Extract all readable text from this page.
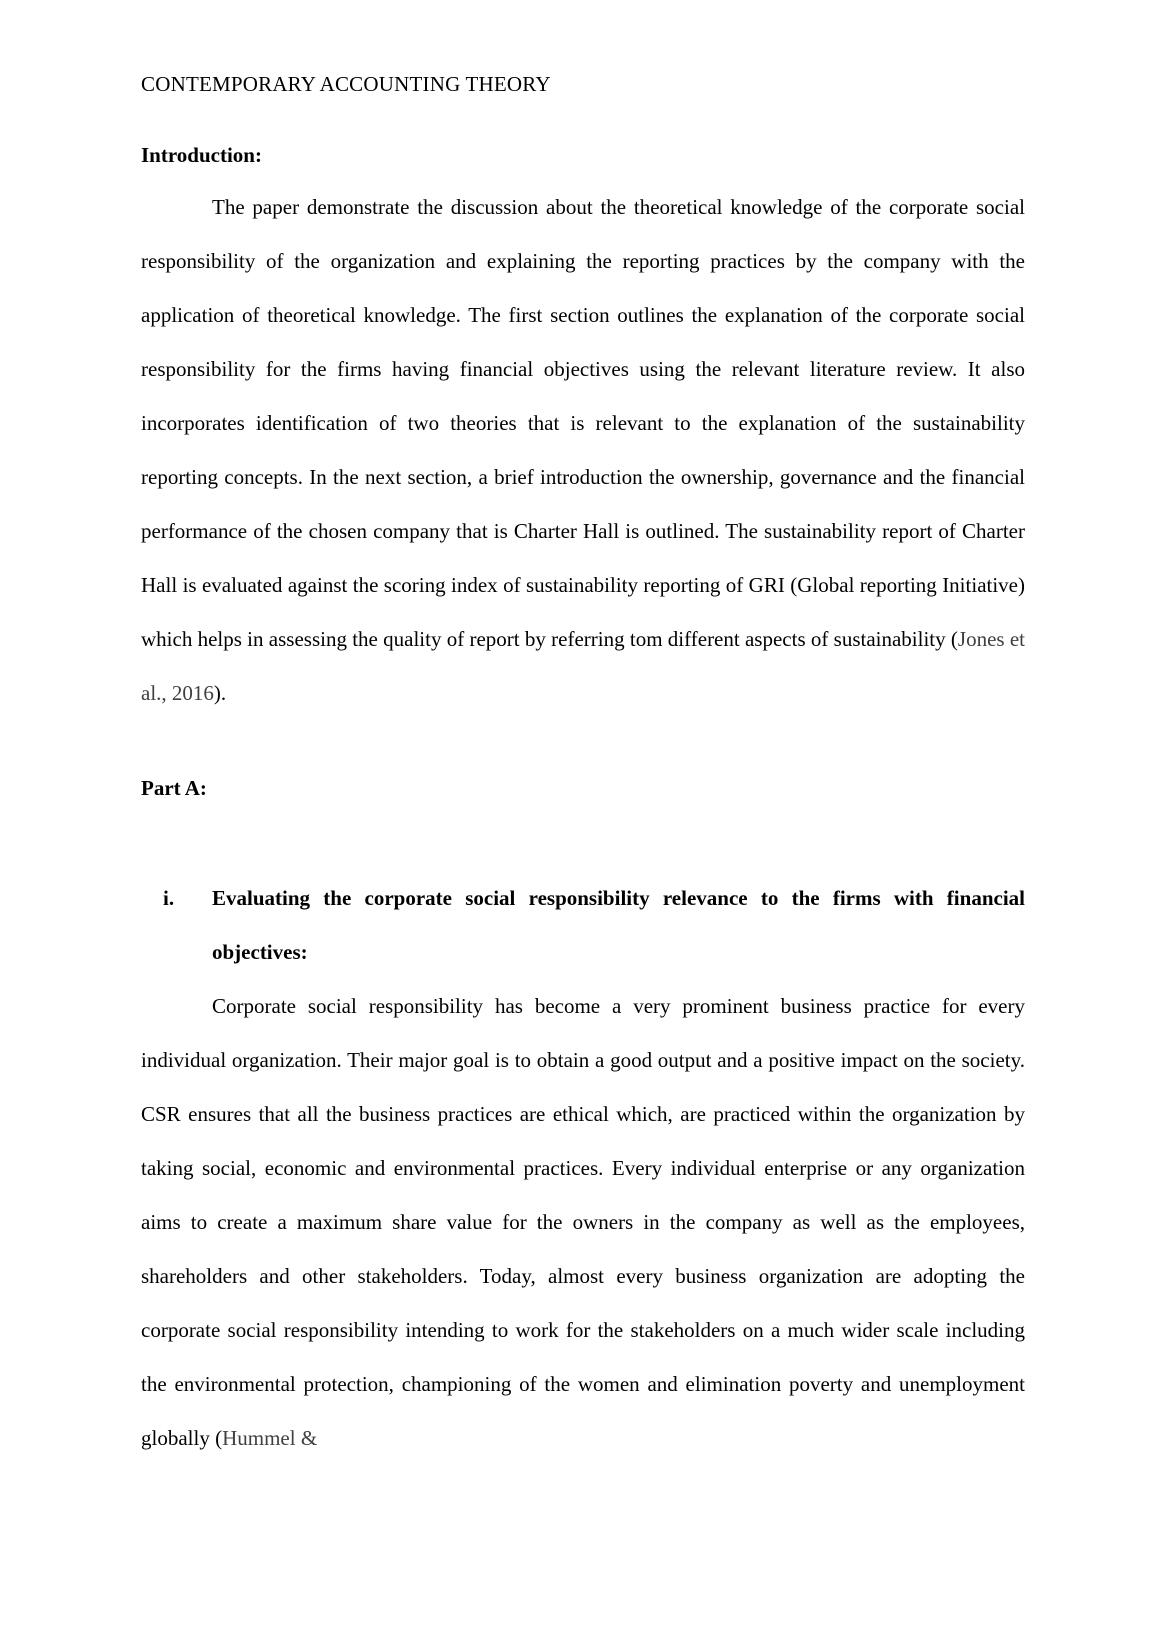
CONTEMPORARY ACCOUNTING THEORY

Introduction:

The paper demonstrate the discussion about the theoretical knowledge of the corporate social responsibility of the organization and explaining the reporting practices by the company with the application of theoretical knowledge. The first section outlines the explanation of the corporate social responsibility for the firms having financial objectives using the relevant literature review. It also incorporates identification of two theories that is relevant to the explanation of the sustainability reporting concepts. In the next section, a brief introduction the ownership, governance and the financial performance of the chosen company that is Charter Hall is outlined. The sustainability report of Charter Hall is evaluated against the scoring index of sustainability reporting of GRI (Global reporting Initiative) which helps in assessing the quality of report by referring tom different aspects of sustainability (Jones et al., 2016).

Part A:

i. Evaluating the corporate social responsibility relevance to the firms with financial objectives:

Corporate social responsibility has become a very prominent business practice for every individual organization. Their major goal is to obtain a good output and a positive impact on the society. CSR ensures that all the business practices are ethical which, are practiced within the organization by taking social, economic and environmental practices. Every individual enterprise or any organization aims to create a maximum share value for the owners in the company as well as the employees, shareholders and other stakeholders. Today, almost every business organization are adopting the corporate social responsibility intending to work for the stakeholders on a much wider scale including the environmental protection, championing of the women and elimination poverty and unemployment globally (Hummel &
